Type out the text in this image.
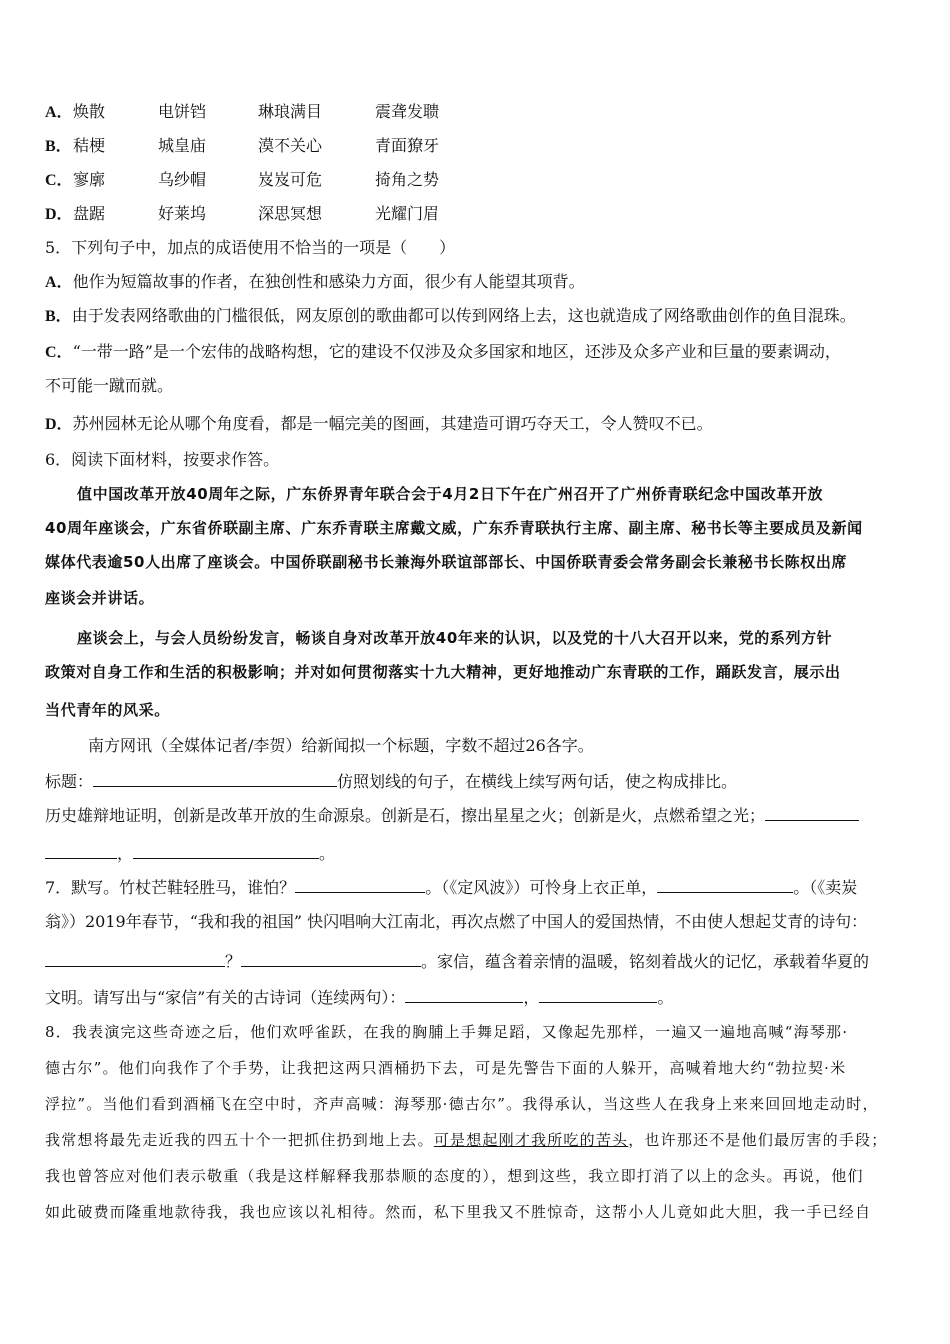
A．焕散	电饼铛	琳琅满目	震聋发聩
B．秸梗	城皇庙	漠不关心	青面獠牙
C．寥廓	乌纱帽	岌岌可危	掎角之势
D．盘踞	好莱坞	深思冥想	光耀门眉
5．下列句子中，加点的成语使用不恰当的一项是（　　）
A．他作为短篇故事的作者，在独创性和感染力方面，很少有人能望其项背。
B．由于发表网络歌曲的门槛很低，网友原创的歌曲都可以传到网络上去，这也就造成了网络歌曲创作的鱼目混珠。
C．“一带一路”是一个宏伟的战略构想，它的建设不仅涉及众多国家和地区，还涉及众多产业和巨量的要素调动，
不可能一蹴而就。
D．苏州园林无论从哪个角度看，都是一幅完美的图画，其建造可谓巧夺天工，令人赞叹不已。
6．阅读下面材料，按要求作答。
值中国改革开放40周年之际，广东侨界青年联合会于4月2日下午在广州召开了广州侨青联纪念中国改革开放
40周年座谈会，广东省侨联副主席、广东乔青联主席戴文威，广东乔青联执行主席、副主席、秘书长等主要成员及新闻
媒体代表逾50人出席了座谈会。中国侨联副秘书长兼海外联谊部部长、中国侨联青委会常务副会长兼秘书长陈权出席
座谈会并讲话。
座谈会上，与会人员纷纷发言，畅谈自身对改革开放40年来的认识，以及党的十八大召开以来，党的系列方针
政策对自身工作和生活的积极影响；并对如何贯彻落实十九大精神，更好地推动广东青联的工作，踊跃发言，展示出
当代青年的风采。
南方网讯（全媒体记者/李贺）给新闻拟一个标题，字数不超过26各字。
标题：	仿照划线的句子，在横线上续写两句话，使之构成排比。
历史雄辩地证明，创新是改革开放的生命源泉。创新是石，擦出星星之火；创新是火，点燃希望之光；
，	。
7．默写。竹杖芒鞋轻胜马，谁怕？	。（《定风波》）可怜身上衣正单，	。（《卖炭
翁》）2019年春节，“我和我的祖国” 快闪唱响大江南北，再次点燃了中国人的爱国热情，不由使人想起艾青的诗句：
？	。家信，蕴含着亲情的温暖，铭刻着战火的记忆，承载着华夏的
文明。请写出与“家信”有关的古诗词（连续两句）：	，	。
8．我表演完这些奇迹之后，他们欢呼雀跃，在我的胸脯上手舞足蹈，又像起先那样，一遍又一遍地高喊“海琴那·
德古尔”。他们向我作了个手势，让我把这两只酒桶扔下去，可是先警告下面的人躲开，高喊着地大约“勃拉契·米
浮拉”。当他们看到酒桶飞在空中时，齐声高喊：海琴那·德古尔”。我得承认，当这些人在我身上来来回回地走动时，
我常想将最先走近我的四五十个一把抓住扔到地上去。可是想起刚才我所吃的苦头，也许那还不是他们最厉害的手段；
我也曾答应对他们表示敬重（我是这样解释我那恭顺的态度的），想到这些，我立即打消了以上的念头。再说，他们
如此破费而隆重地款待我，我也应该以礼相待。然而，私下里我又不胜惊奇，这帮小人儿竟如此大胆，我一手已经自
